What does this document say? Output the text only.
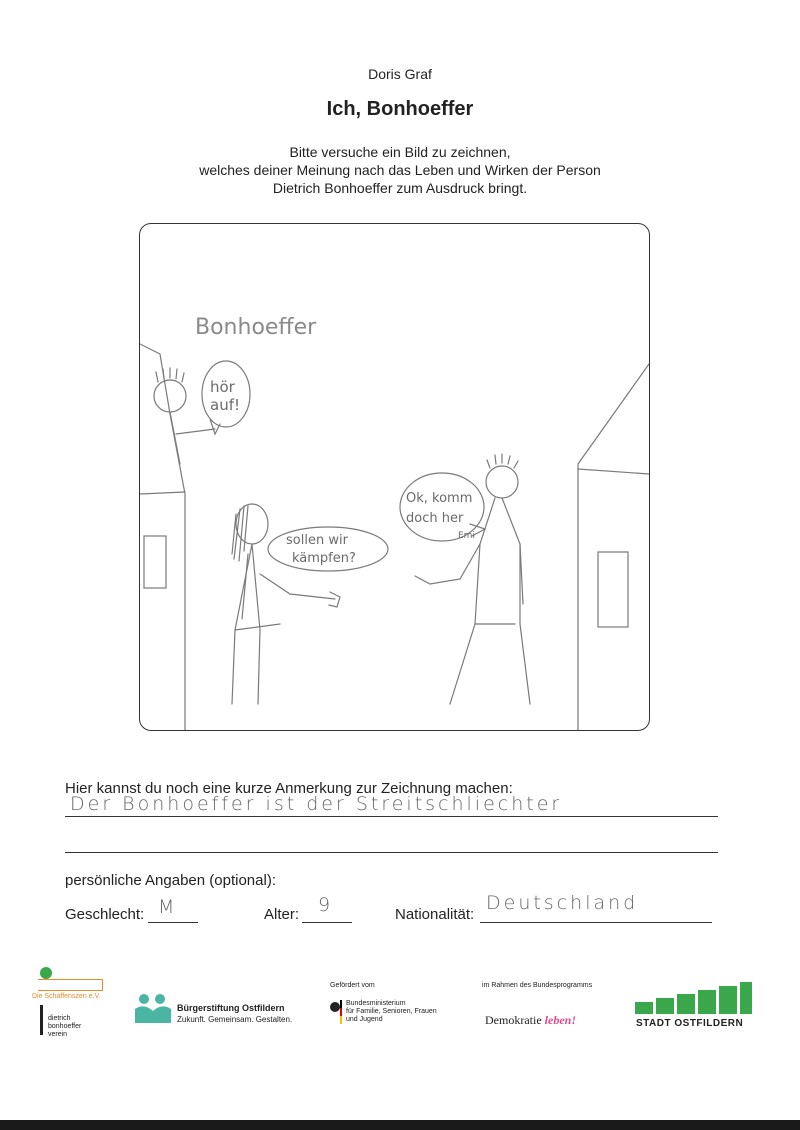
Doris Graf
Ich, Bonhoeffer
Bitte versuche ein Bild zu zeichnen,
welches deiner Meinung nach das Leben und Wirken der Person
Dietrich Bonhoeffer zum Ausdruck bringt.
Bonhoeffer
hör
auf!
sollen wir
kämpfen?
Ok, komm
doch her
Emi
Hier kannst du noch eine kurze Anmerkung zur Zeichnung machen:
Der Bonhoeffer ist der Streitschliechter
persönliche Angaben (optional):
Geschlecht: M	Alter: 9	Nationalität:
Deutschland
Die Schaffenszen e.V.
dietrich
bonhoeffer
verein
Bürgerstiftung Ostfildern
Zukunft. Gemeinsam. Gestalten.
Gefördert vom
Bundesministerium
für Familie, Senioren, Frauen
und Jugend
im Rahmen des Bundesprogramms
Demokratie leben!	STADT OSTFILDERN
